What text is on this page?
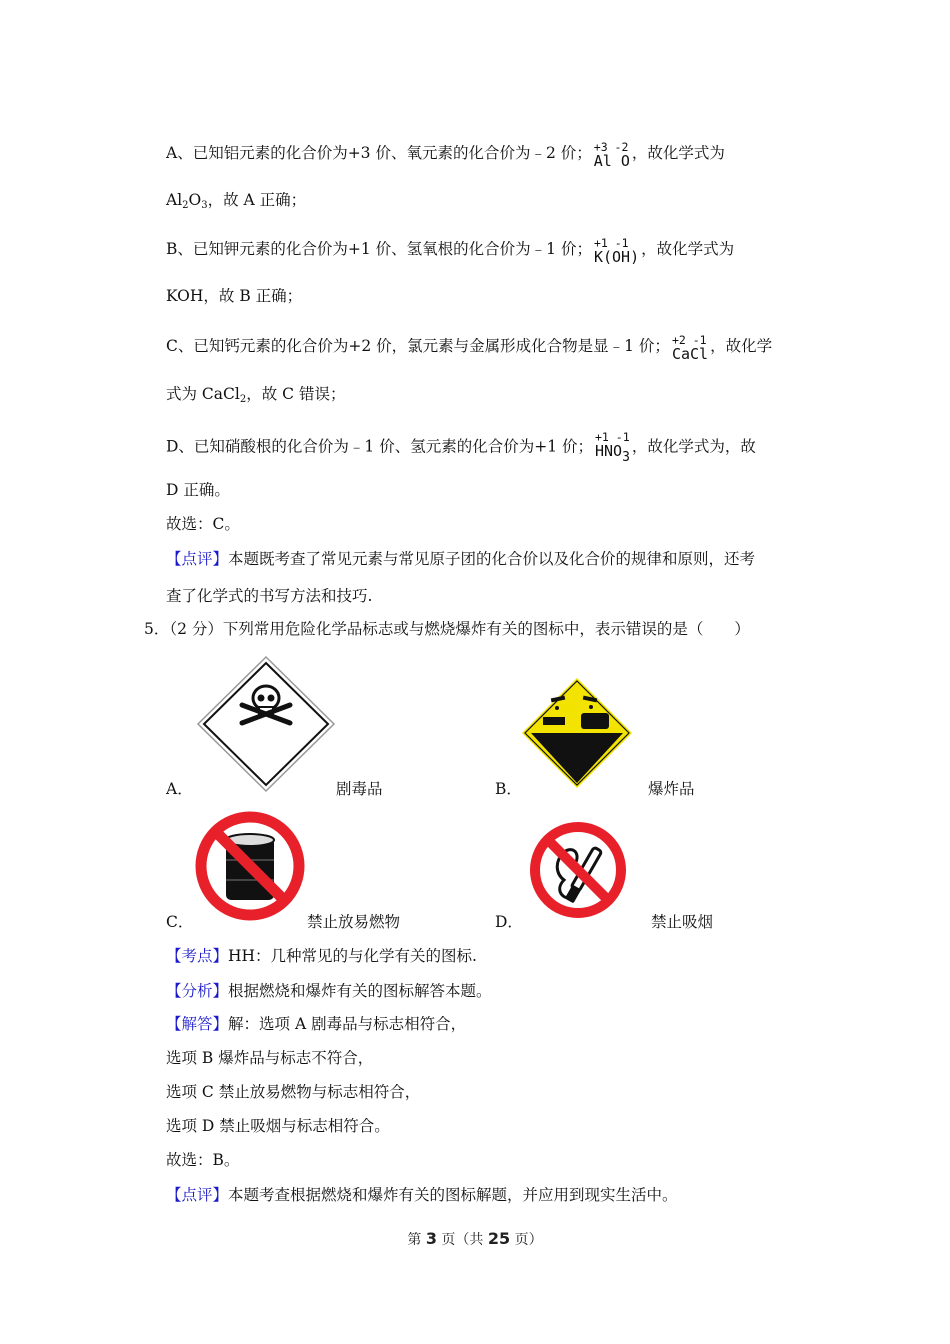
A、已知铝元素的化合价为+3 价、氧元素的化合价为﹣2 价； +3 -2
Al O ，故化学式为
$Al_2O_3$，故 A 正确；
B、已知钾元素的化合价为+1 价、氢氧根的化合价为﹣1 价； +1 -1
K(OH) ，故化学式为
KOH，故 B 正确；
C、已知钙元素的化合价为+2 价，氯元素与金属形成化合物是显﹣1 价； +2 -1
CaCl ，故化学
式为 CaCl$_2$，故 C 错误；
D、已知硝酸根的化合价为﹣1 价、氢元素的化合价为+1 价；
+1 -1
HNO3
，故化学式为，故
D 正确。
故选：C。
【点评】本题既考查了常见元素与常见原子团的化合价以及化合价的规律和原则，还考
查了化学式的书写方法和技巧.
5．（2 分）下列常用危险化学品标志或与燃烧爆炸有关的图标中，表示错误的是（　　）
A．	剧毒品	B．	爆炸品
C．	禁止放易燃物	D．	禁止吸烟
【考点】HH：几种常见的与化学有关的图标.
【分析】根据燃烧和爆炸有关的图标解答本题。
【解答】解：选项 A 剧毒品与标志相符合，
选项 B 爆炸品与标志不符合，
选项 C 禁止放易燃物与标志相符合，
选项 D 禁止吸烟与标志相符合。
故选：B。
【点评】本题考查根据燃烧和爆炸有关的图标解题，并应用到现实生活中。
第 3 页（共 25 页）
